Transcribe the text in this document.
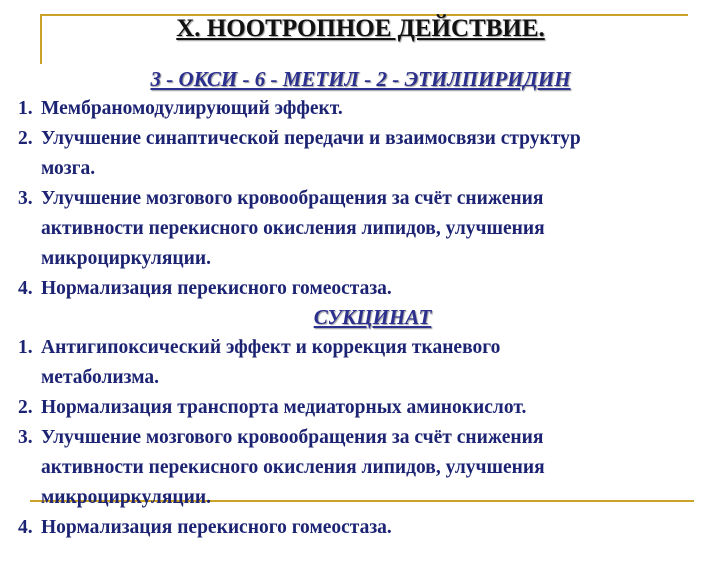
X. НООТРОПНОЕ ДЕЙСТВИЕ.
3 - ОКСИ - 6 - МЕТИЛ - 2 - ЭТИЛПИРИДИН
1. Мембраномодулирующий эффект.
2. Улучшение синаптической передачи и взаимосвязи структур
мозга.
3. Улучшение мозгового кровообращения за счёт снижения
активности перекисного окисления липидов, улучшения
микроциркуляции.
4. Нормализация перекисного гомеостаза.
СУКЦИНАТ
1. Антигипоксический эффект и коррекция тканевого
метаболизма.
2. Нормализация транспорта медиаторных аминокислот.
3. Улучшение мозгового кровообращения за счёт снижения
активности перекисного окисления липидов, улучшения
микроциркуляции.
4. Нормализация перекисного гомеостаза.
